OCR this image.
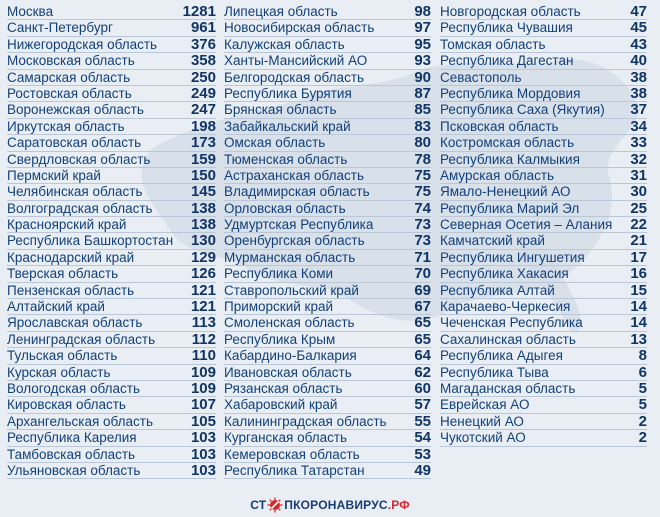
Москва	1281
Санкт-Петербург	961
Нижегородская область 376
Московская область	358
Самарская область	250
Ростовская область	249
Воронежская область	247
Иркутская область	198
Саратовская область	173
Свердловская область	159
Пермский край	150
Челябинская область	145
Волгоградская область	138
Красноярский край	138
Республика Башкортостан 130
Краснодарский край	129
Тверская область	126
Пензенская область	121
Алтайский край	121
Ярославская область	113
Ленинградская область 112
Тульская область	110
Курская область	109
Вологодская область	109
Кировская область	107
Архангельская область	105
Республика Карелия	103
Тамбовская область	103
Ульяновская область	103
Липецкая область	98
Новосибирская область	97
Калужская область	95
Ханты-Мансийский АО	93
Белгородская область	90
Республика Бурятия	87
Брянская область	85
Забайкальский край	83
Омская область	80
Тюменская область	78
Астраханская область	75
Владимирская область	75
Орловская область	74
Удмуртская Республика	73
Оренбургская область	73
Мурманская область	71
Республика Коми	70
Ставропольский край	69
Приморский край	67
Смоленская область	65
Республика Крым	65
Кабардино-Балкария	64
Ивановская область	62
Рязанская область	60
Хабаровский край	57
Калининградская область 55
Курганская область	54
Кемеровская область	53
Республика Татарстан	49
Новгородская область	47
Республика Чувашия	45
Томская область	43
Республика Дагестан	40
Севастополь	38
Республика Мордовия	38
Республика Саха (Якутия) 37
Псковская область	34
Костромская область	33
Республика Калмыкия	32
Амурская область	31
Ямало-Ненецкий АО	30
Республика Марий Эл	25
Северная Осетия – Алания 22
Камчатский край	21
Республика Ингушетия	17
Республика Хакасия	16
Республика Алтай	15
Карачаево-Черкесия	14
Чеченская Республика	14
Сахалинская область	13
Республика Адыгея	8
Республика Тыва	6
Магаданская область	5
Еврейская АО	5
Ненецкий АО	2
Чукотский АО	2
СТ ПКОРОНАВИРУС .РФ
